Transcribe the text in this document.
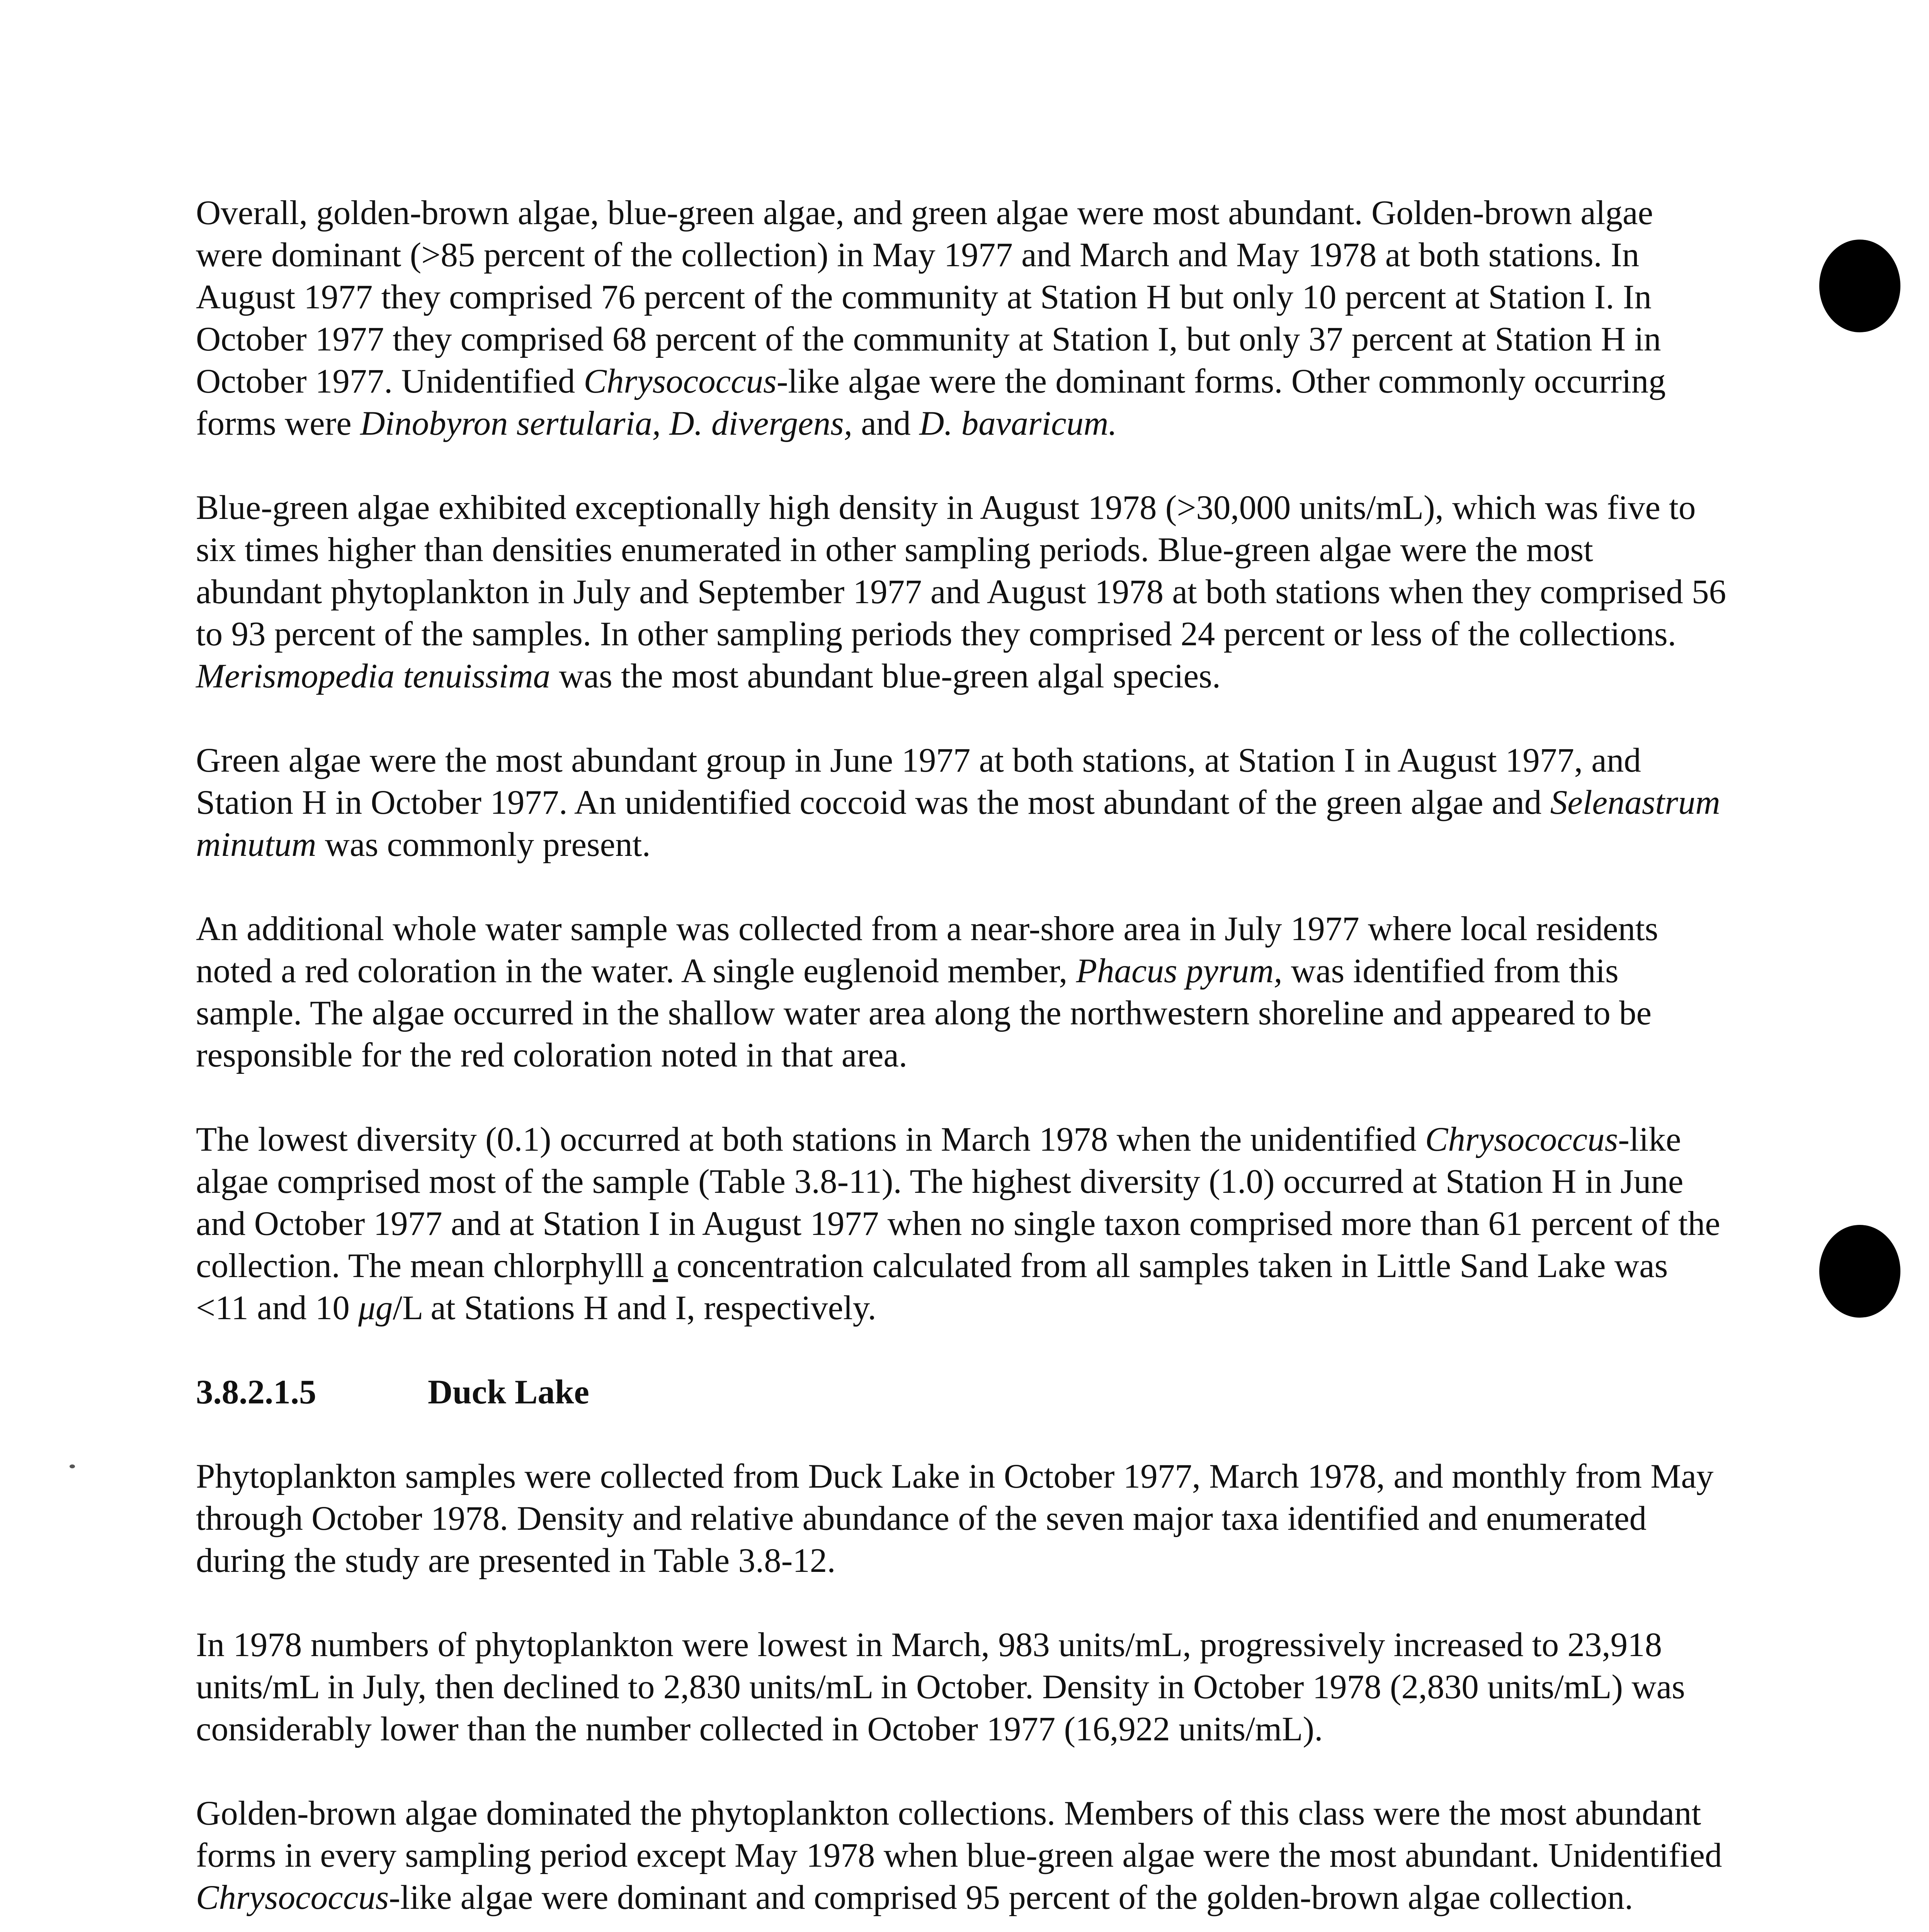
Overall, golden-brown algae, blue-green algae, and green algae were most abundant. Golden-brown algae were dominant (>85 percent of the collection) in May 1977 and March and May 1978 at both stations. In August 1977 they comprised 76 percent of the community at Station H but only 10 percent at Station I. In October 1977 they comprised 68 percent of the community at Station I, but only 37 percent at Station H in October 1977. Unidentified Chrysococcus-like algae were the dominant forms. Other commonly occurring forms were Dinobyron sertularia, D. divergens, and D. bavaricum.

Blue-green algae exhibited exceptionally high density in August 1978 (>30,000 units/mL), which was five to six times higher than densities enumerated in other sampling periods. Blue-green algae were the most abundant phytoplankton in July and September 1977 and August 1978 at both stations when they comprised 56 to 93 percent of the samples. In other sampling periods they comprised 24 percent or less of the collections. Merismopedia tenuissima was the most abundant blue-green algal species.

Green algae were the most abundant group in June 1977 at both stations, at Station I in August 1977, and Station H in October 1977. An unidentified coccoid was the most abundant of the green algae and Selenastrum minutum was commonly present.

An additional whole water sample was collected from a near-shore area in July 1977 where local residents noted a red coloration in the water. A single euglenoid member, Phacus pyrum, was identified from this sample. The algae occurred in the shallow water area along the northwestern shoreline and appeared to be responsible for the red coloration noted in that area.

The lowest diversity (0.1) occurred at both stations in March 1978 when the unidentified Chrysococcus-like algae comprised most of the sample (Table 3.8-11). The highest diversity (1.0) occurred at Station H in June and October 1977 and at Station I in August 1977 when no single taxon comprised more than 61 percent of the collection. The mean chlorphylll a concentration calculated from all samples taken in Little Sand Lake was <11 and 10 μg/L at Stations H and I, respectively.

3.8.2.1.5	Duck Lake

Phytoplankton samples were collected from Duck Lake in October 1977, March 1978, and monthly from May through October 1978. Density and relative abundance of the seven major taxa identified and enumerated during the study are presented in Table 3.8-12.

In 1978 numbers of phytoplankton were lowest in March, 983 units/mL, progressively increased to 23,918 units/mL in July, then declined to 2,830 units/mL in October. Density in October 1978 (2,830 units/mL) was considerably lower than the number collected in October 1977 (16,922 units/mL).

Golden-brown algae dominated the phytoplankton collections. Members of this class were the most abundant forms in every sampling period except May 1978 when blue-green algae were the most abundant. Unidentified Chrysococcus-like algae were dominant and comprised 95 percent of the golden-brown algae collection.
